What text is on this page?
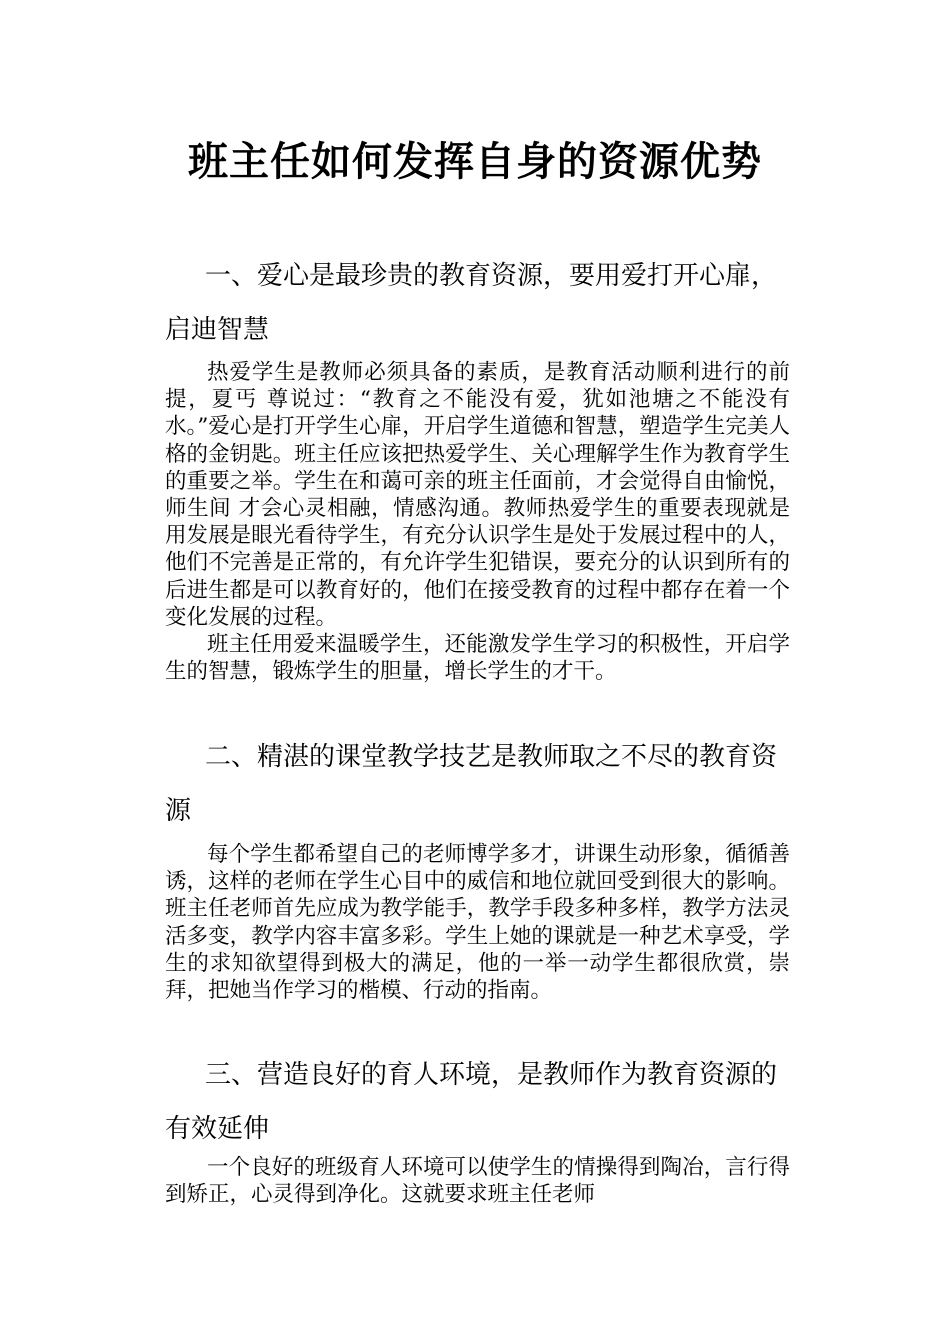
班主任如何发挥自身的资源优势

一、爱心是最珍贵的教育资源，要用爱打开心扉，启迪智慧

热爱学生是教师必须具备的素质，是教育活动顺利进行的前提，夏丐 尊说过：“教育之不能没有爱，犹如池塘之不能没有水。”爱心是打开学生心扉，开启学生道德和智慧，塑造学生完美人格的金钥匙。班主任应该把热爱学生、关心理解学生作为教育学生的重要之举。学生在和蔼可亲的班主任面前，才会觉得自由愉悦，师生间 才会心灵相融，情感沟通。教师热爱学生的重要表现就是用发展是眼光看待学生，有充分认识学生是处于发展过程中的人，他们不完善是正常的，有允许学生犯错误，要充分的认识到所有的后进生都是可以教育好的，他们在接受教育的过程中都存在着一个变化发展的过程。

班主任用爱来温暖学生，还能激发学生学习的积极性，开启学生的智慧，锻炼学生的胆量，增长学生的才干。

二、精湛的课堂教学技艺是教师取之不尽的教育资源

每个学生都希望自己的老师博学多才，讲课生动形象，循循善诱，这样的老师在学生心目中的威信和地位就回受到很大的影响。班主任老师首先应成为教学能手，教学手段多种多样，教学方法灵活多变，教学内容丰富多彩。学生上她的课就是一种艺术享受，学生的求知欲望得到极大的满足，他的一举一动学生都很欣赏，崇拜，把她当作学习的楷模、行动的指南。

三、营造良好的育人环境，是教师作为教育资源的有效延伸

一个良好的班级育人环境可以使学生的情操得到陶冶，言行得到矫正，心灵得到净化。这就要求班主任老师
